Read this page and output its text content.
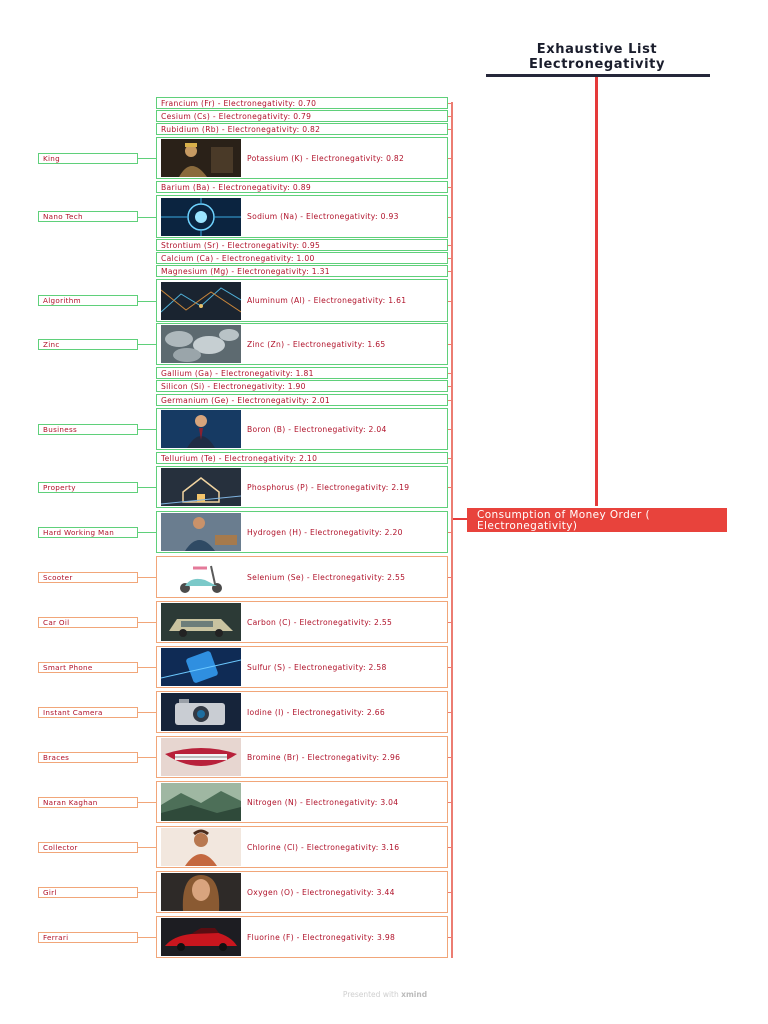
Exhaustive List
Electronegativity
Consumption of Money Order ( Electronegativity)
Francium (Fr) - Electronegativity: 0.70
Cesium (Cs) - Electronegativity: 0.79
Rubidium (Rb) - Electronegativity: 0.82
Potassium (K) - Electronegativity: 0.82
King
Barium (Ba) - Electronegativity: 0.89
Sodium (Na) - Electronegativity: 0.93
Nano Tech
Strontium (Sr) - Electronegativity: 0.95
Calcium (Ca) - Electronegativity: 1.00
Magnesium (Mg) - Electronegativity: 1.31
Aluminum (Al) - Electronegativity: 1.61
Algorithm
Zinc (Zn) - Electronegativity: 1.65
Zinc
Gallium (Ga) - Electronegativity: 1.81
Silicon (Si) - Electronegativity: 1.90
Germanium (Ge) - Electronegativity: 2.01
Boron (B) - Electronegativity: 2.04
Business
Tellurium (Te) - Electronegativity: 2.10
Phosphorus (P) - Electronegativity: 2.19
Property
Hydrogen (H) - Electronegativity: 2.20
Hard Working Man
Selenium (Se) - Electronegativity: 2.55
Scooter
Carbon (C) - Electronegativity: 2.55
Car Oil
Sulfur (S) - Electronegativity: 2.58
Smart Phone
Iodine (I) - Electronegativity: 2.66
Instant Camera
Bromine (Br) - Electronegativity: 2.96
Braces
Nitrogen (N) - Electronegativity: 3.04
Naran Kaghan
Chlorine (Cl) - Electronegativity: 3.16
Collector
Oxygen (O) - Electronegativity: 3.44
Girl
Fluorine (F) - Electronegativity: 3.98
Ferrari
Presented with xmind
